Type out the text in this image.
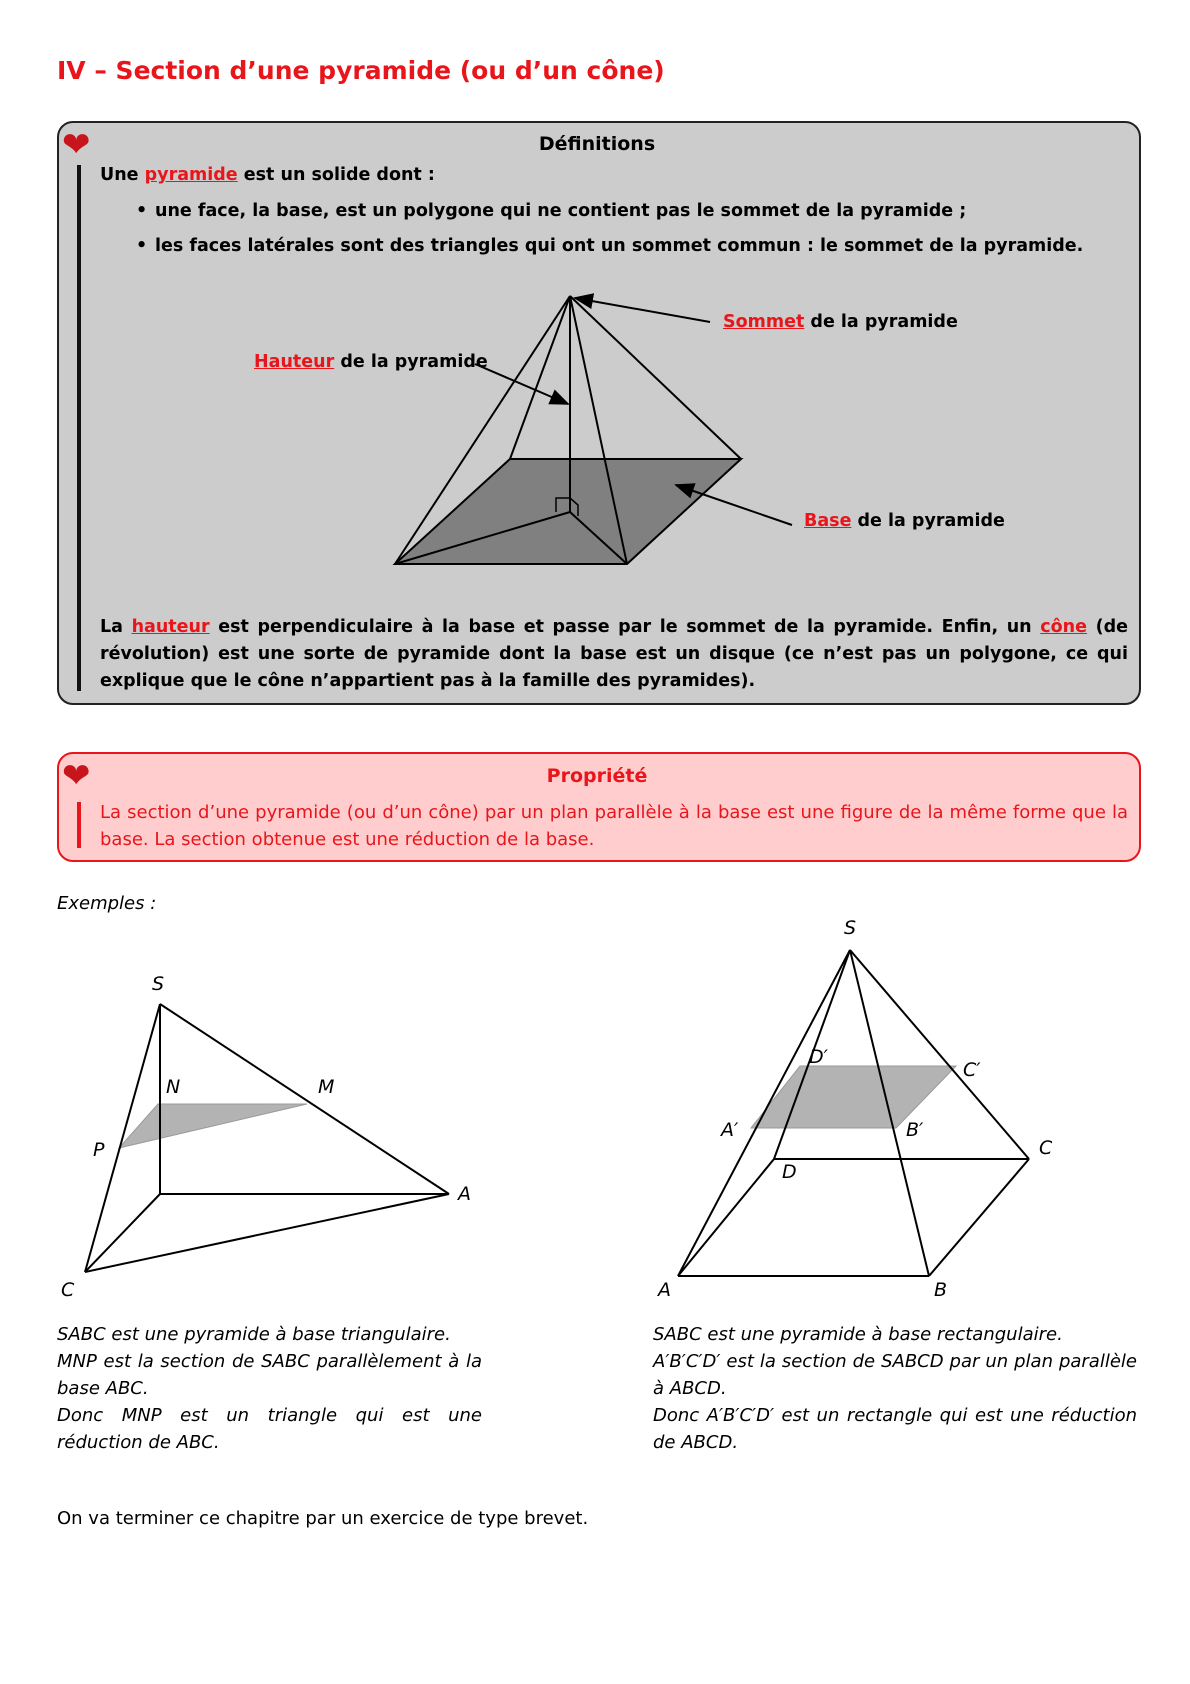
IV – Section d’une pyramide (ou d’un cône)
❤	Définitions
Une pyramide est un solide dont :
• une face, la base, est un polygone qui ne contient pas le sommet de la pyramide ;
• les faces latérales sont des triangles qui ont un sommet commun : le sommet de la pyramide.
Sommet de la pyramide
Hauteur de la pyramide
Base de la pyramide
La hauteur est perpendiculaire à la base et passe par le sommet de la pyramide. Enfin, un cône (de révolution) est une sorte de pyramide dont la base est un disque (ce n’est pas un polygone, ce qui explique que le cône n’appartient pas à la famille des pyramides).
❤	Propriété
La section d’une pyramide (ou d’un cône) par un plan parallèle à la base est une figure de la même forme que la base. La section obtenue est une réduction de la base.
Exemples :
S
N	M
P
A
C
S
D′
C′
A′	B′
C
D
A	B
SABC est une pyramide à base triangulaire.
MNP est la section de SABC parallèlement à la base ABC.
Donc MNP est un triangle qui est une réduction de ABC.
SABC est une pyramide à base rectangulaire.
A′B′C′D′ est la section de SABCD par un plan parallèle à ABCD.
Donc A′B′C′D′ est un rectangle qui est une réduction de ABCD.
On va terminer ce chapitre par un exercice de type brevet.
